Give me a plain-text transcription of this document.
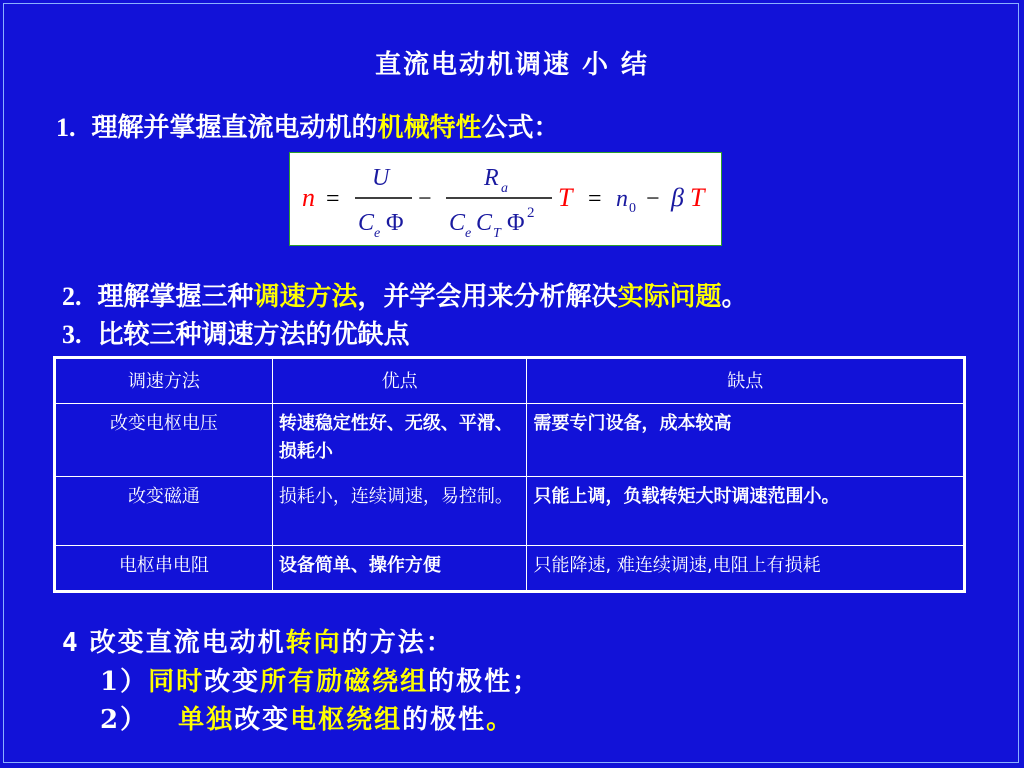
直流电动机调速 小 结
1. 理解并掌握直流电动机的机械特性公式：
n =
U
C e Φ
−
R a
C e C T Φ 2
T = n 0 − β T
2. 理解掌握三种调速方法，并学会用来分析解决实际问题。
3. 比较三种调速方法的优缺点
调速方法	优点	缺点
改变电枢电压	转速稳定性好、无级、平滑、损耗小	需要专门设备，成本较高
改变磁通	损耗小，连续调速，易控制。	只能上调，负载转矩大时调速范围小。
电枢串电阻	设备简单、操作方便	只能降速, 难连续调速,电阻上有损耗
4 改变直流电动机转向的方法：
1）同时改变所有励磁绕组的极性；
2） 单独改变电枢绕组的极性。
